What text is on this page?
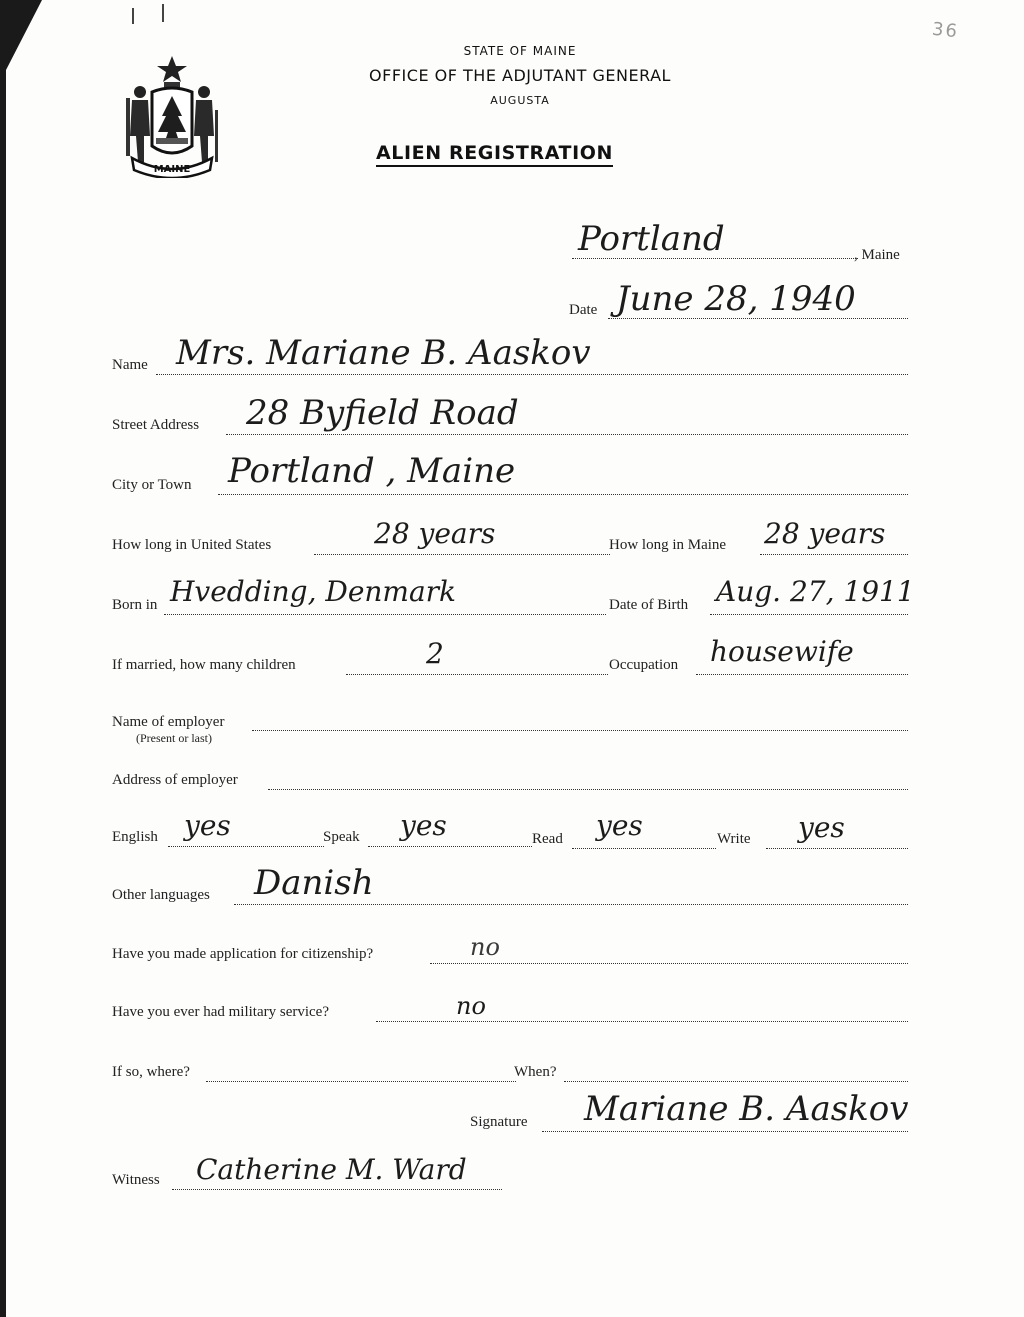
36
MAINE
STATE OF MAINE
OFFICE OF THE ADJUTANT GENERAL
AUGUSTA
ALIEN REGISTRATION
Portland	, Maine
Date June 28, 1940
Name Mrs. Mariane B. Aaskov
Street Address 28 Byfield Road
City or Town Portland , Maine
How long in United States	28 years	How long in Maine 28 years
Born in Hvedding, Denmark	Date of Birth Aug. 27, 1911
If married, how many children	2	Occupation housewife
Name of employer
(Present or last)
Address of employer
English yes	Speak yes	Read yes	Write yes
Other languages Danish
Have you made application for citizenship?	no
Have you ever had military service?	no
If so, where?	When?
Signature Mariane B. Aaskov
Witness Catherine M. Ward
